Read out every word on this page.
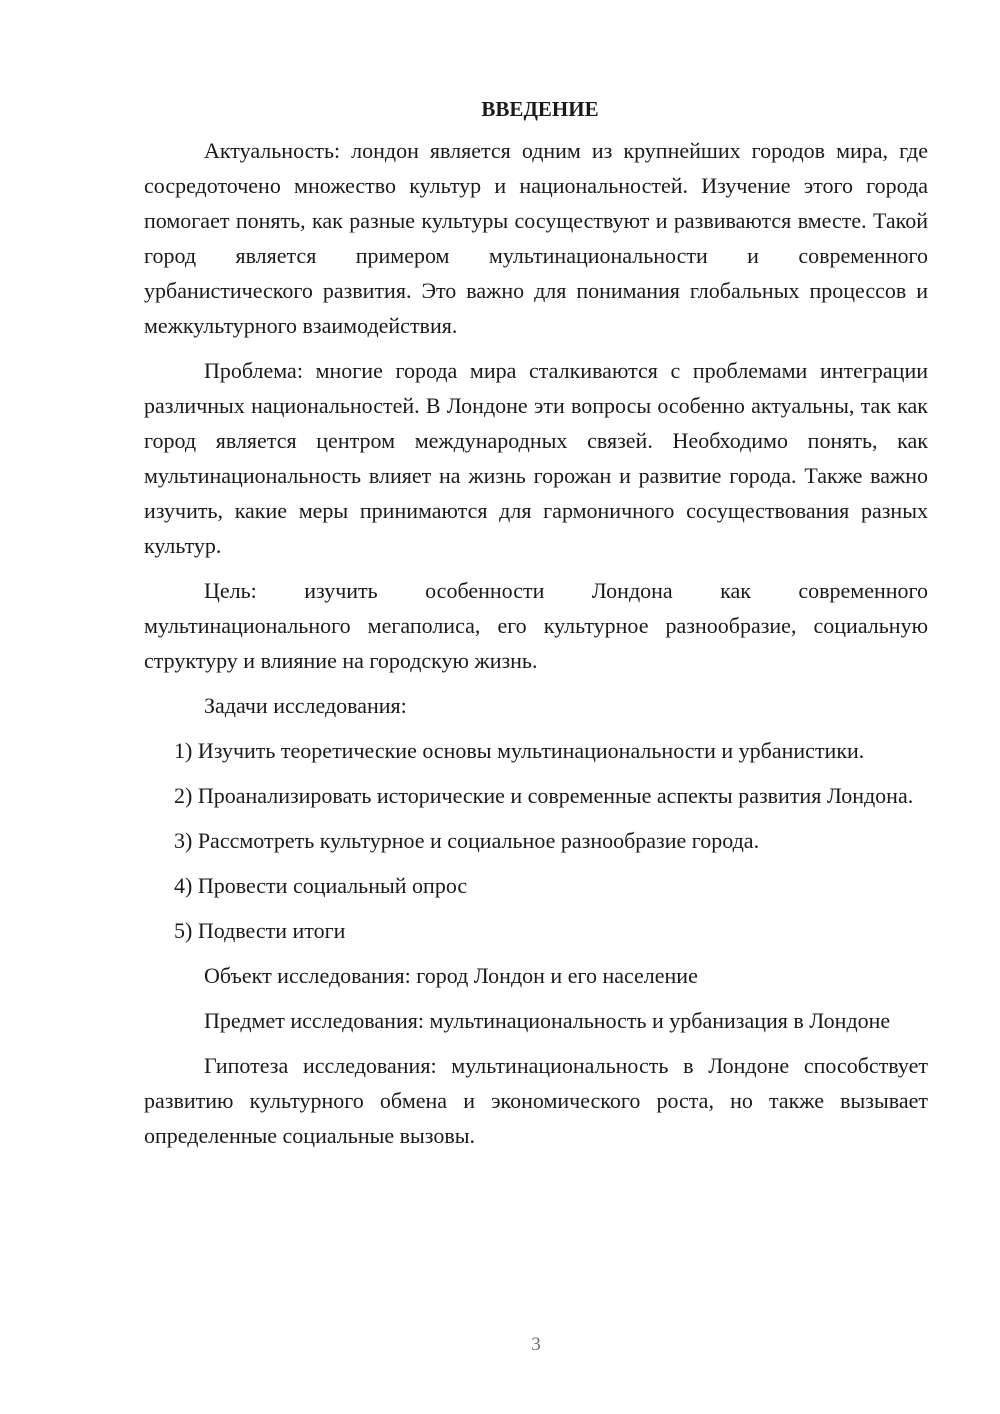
ВВЕДЕНИЕ

Актуальность: лондон является одним из крупнейших городов мира, где сосредоточено множество культур и национальностей. Изучение этого города помогает понять, как разные культуры сосуществуют и развиваются вместе. Такой город является примером мультинациональности и современного урбанистического развития. Это важно для понимания глобальных процессов и межкультурного взаимодействия.

Проблема: многие города мира сталкиваются с проблемами интеграции различных национальностей. В Лондоне эти вопросы особенно актуальны, так как город является центром международных связей. Необходимо понять, как мультинациональность влияет на жизнь горожан и развитие города. Также важно изучить, какие меры принимаются для гармоничного сосуществования разных культур.

Цель: изучить особенности Лондона как современного мультинационального мегаполиса, его культурное разнообразие, социальную структуру и влияние на городскую жизнь.

Задачи исследования:

1) Изучить теоретические основы мультинациональности и урбанистики.

2) Проанализировать исторические и современные аспекты развития Лондона.

3) Рассмотреть культурное и социальное разнообразие города.

4) Провести социальный опрос

5) Подвести итоги

Объект исследования: город Лондон и его население

Предмет исследования: мультинациональность и урбанизация в Лондоне

Гипотеза исследования: мультинациональность в Лондоне способствует развитию культурного обмена и экономического роста, но также вызывает определенные социальные вызовы.

3
